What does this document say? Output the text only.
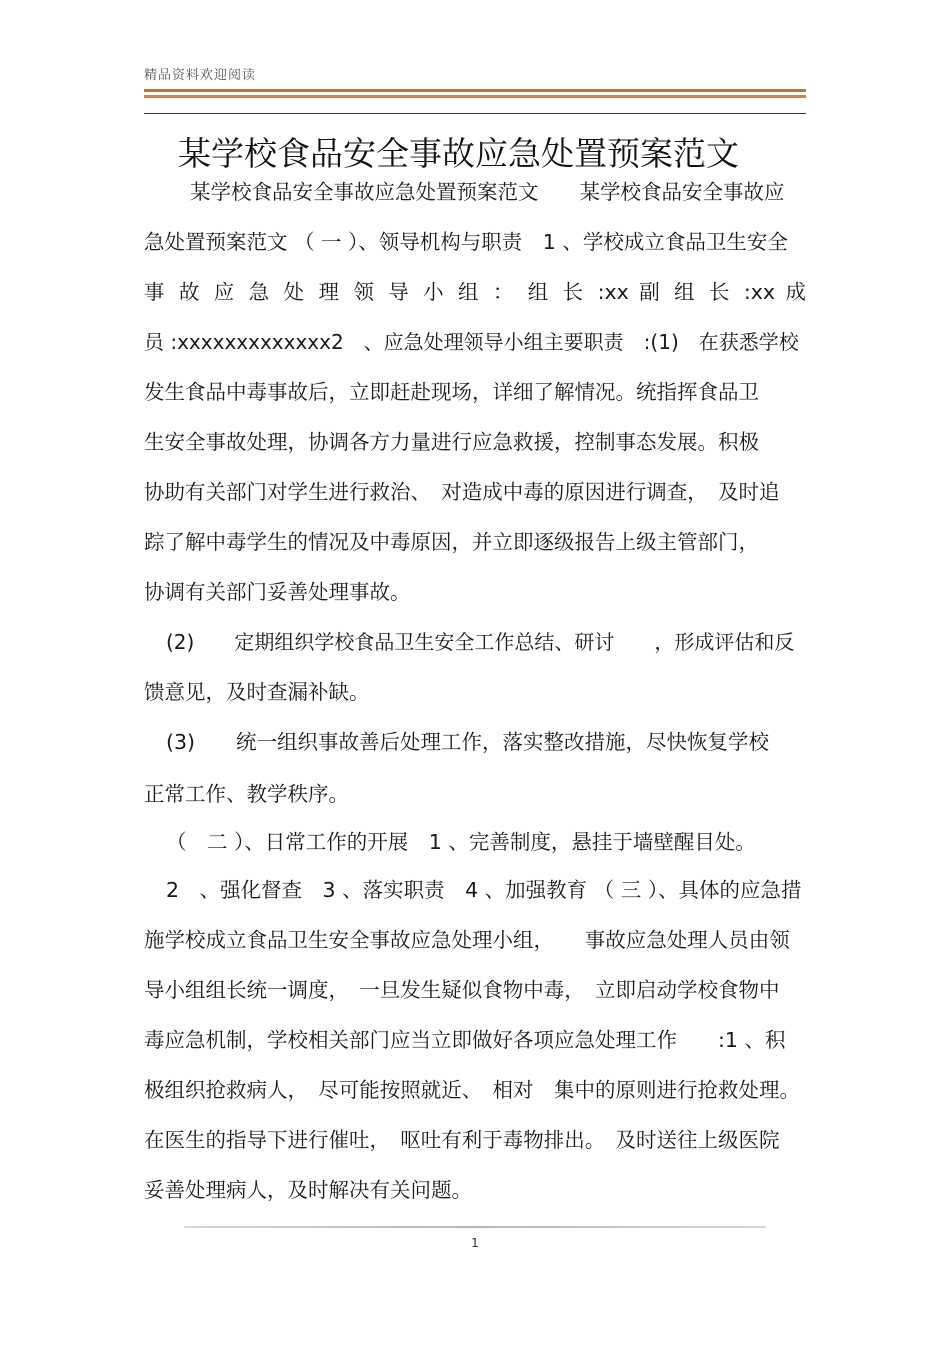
精品资料欢迎阅读
某学校食品安全事故应急处置预案范文
某学校食品安全事故应急处置预案范文　　某学校食品安全事故应
急处置预案范文 （ 一 ）、领导机构与职责　1 、学校成立食品卫生安全
事 故 应 急 处 理 领 导 小 组 ： 组 长 :xx 副 组 长 :xx 成
员 :xxxxxxxxxxxxx2　、应急处理领导小组主要职责　:(1)　在获悉学校
发生食品中毒事故后，立即赶赴现场，详细了解情况。统指挥食品卫
生安全事故处理，协调各方力量进行应急救援，控制事态发展。积极
协助有关部门对学生进行救治、　对造成中毒的原因进行调查，　及时追
踪了解中毒学生的情况及中毒原因，并立即逐级报告上级主管部门，
协调有关部门妥善处理事故。
(2)　　定期组织学校食品卫生安全工作总结、研讨　　，形成评估和反
馈意见，及时查漏补缺。
(3)　　统一组织事故善后处理工作，落实整改措施，尽快恢复学校
正常工作、教学秩序。
（　二 ）、日常工作的开展　1 、完善制度，悬挂于墙壁醒目处。
2　、强化督查　3 、落实职责　4 、加强教育 （ 三 ）、具体的应急措
施学校成立食品卫生安全事故应急处理小组，　　事故应急处理人员由领
导小组组长统一调度，　一旦发生疑似食物中毒，　立即启动学校食物中
毒应急机制，学校相关部门应当立即做好各项应急处理工作　　:1 、积
极组织抢救病人，　尽可能按照就近、　相对　集中的原则进行抢救处理。
在医生的指导下进行催吐，　呕吐有利于毒物排出。　及时送往上级医院
妥善处理病人，及时解决有关问题。
1
